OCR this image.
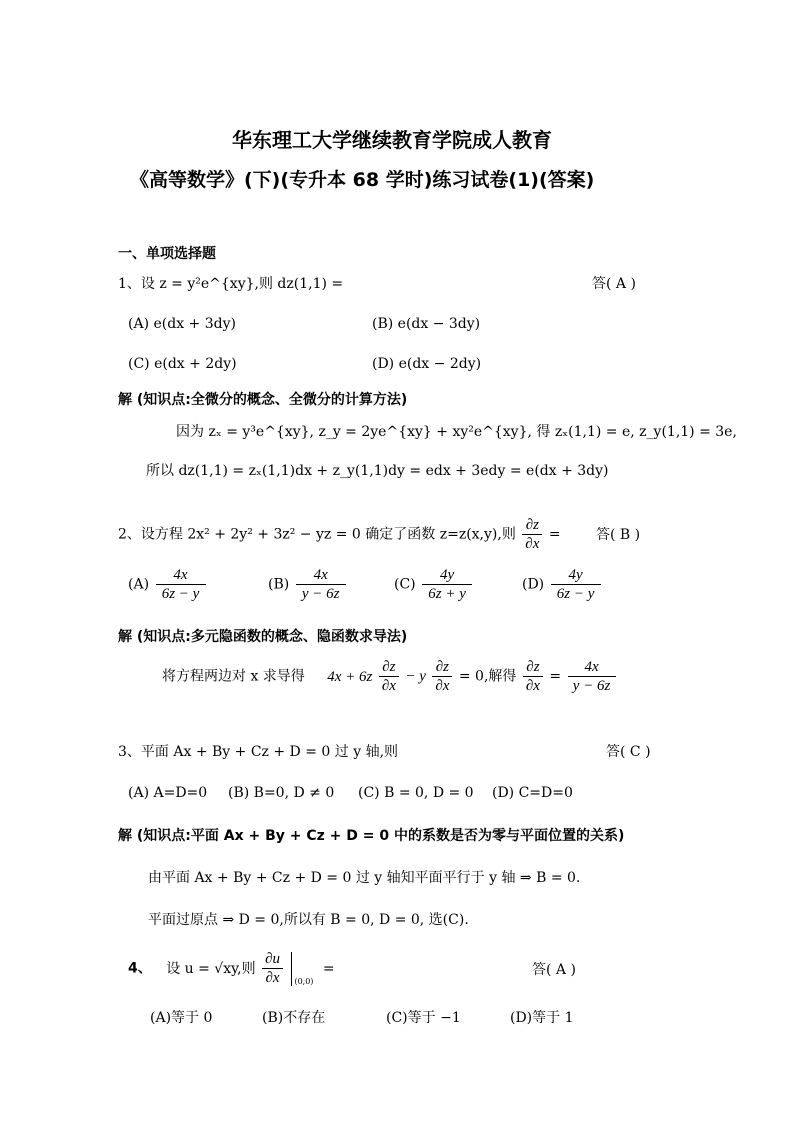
华东理工大学继续教育学院成人教育
《高等数学》(下)(专升本 68 学时)练习试卷(1)(答案)
一、单项选择题
1、设 z = y²e^{xy},则 dz(1,1) =	答( A )
(A) e(dx + 3dy)	(B) e(dx − 3dy)
(C) e(dx + 2dy)	(D) e(dx − 2dy)
解 (知识点:全微分的概念、全微分的计算方法)
因为 zₓ = y³e^{xy}, z_y = 2ye^{xy} + xy²e^{xy}, 得 zₓ(1,1) = e, z_y(1,1) = 3e,
所以 dz(1,1) = zₓ(1,1)dx + z_y(1,1)dy = edx + 3edy = e(dx + 3dy)
2、设方程 2x² + 2y² + 3z² − yz = 0 确定了函数 z=z(x,y),则 $\frac{\partial z}{\partial x}$ =	答( B )
$(A) \frac{4x}{6z - y}$	$(B) \frac{4x}{y - 6z}$	$(C) \frac{4y}{6z + y}$	$(D) \frac{4y}{6z - y}$
解 (知识点:多元隐函数的概念、隐函数求导法)
将方程两边对 x 求导得 $4x + 6z \frac{\partial z}{\partial x} - y \frac{\partial z}{\partial x} = 0$,解得 $\frac{\partial z}{\partial x} = \frac{4x}{y - 6z}$
3、平面 Ax + By + Cz + D = 0 过 y 轴,则	答( C )
(A) A=D=0 (B) B=0, D ≠ 0 (C) B = 0, D = 0 (D) C=D=0
解 (知识点:平面 Ax + By + Cz + D = 0 中的系数是否为零与平面位置的关系)
由平面 Ax + By + Cz + D = 0 过 y 轴知平面平行于 y 轴 ⇒ B = 0.
平面过原点 ⇒ D = 0,所以有 B = 0, D = 0, 选(C).
4、 设 u = √xy,则 $\frac{\partial u}{\partial x}$
(0,0)
=	答( A )
(A)等于 0	(B)不存在	(C)等于 −1	(D)等于 1
